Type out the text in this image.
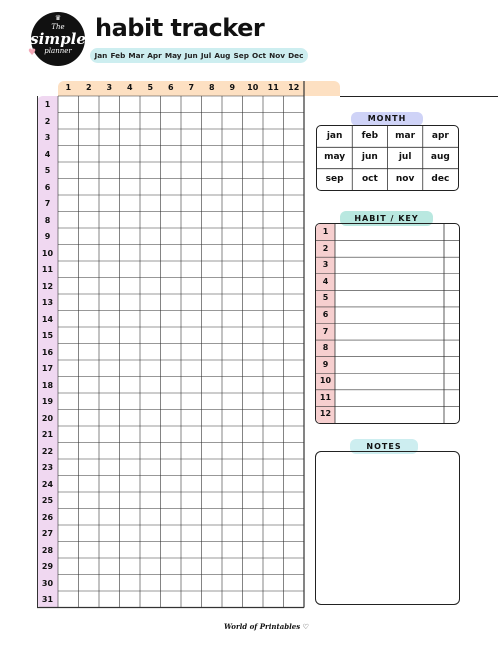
♛
The
simple
planner
♥
habit tracker
Jan Feb Mar Apr May Jun Jul Aug Sep Oct Nov Dec
1	2	3	4	5	6	7	8	9	10	11	12
1
2
3
4
5
6
7
8
9
10
11
12
13
14
15
16
17
18
19
20
21
22
23
24
25
26
27
28
29
30
31
MONTH
jan	feb	mar	apr
may	jun	jul	aug
sep	oct	nov	dec
HABIT / KEY
1
2
3
4
5
6
7
8
9
10
11
12
NOTES
World of Printables ♡
